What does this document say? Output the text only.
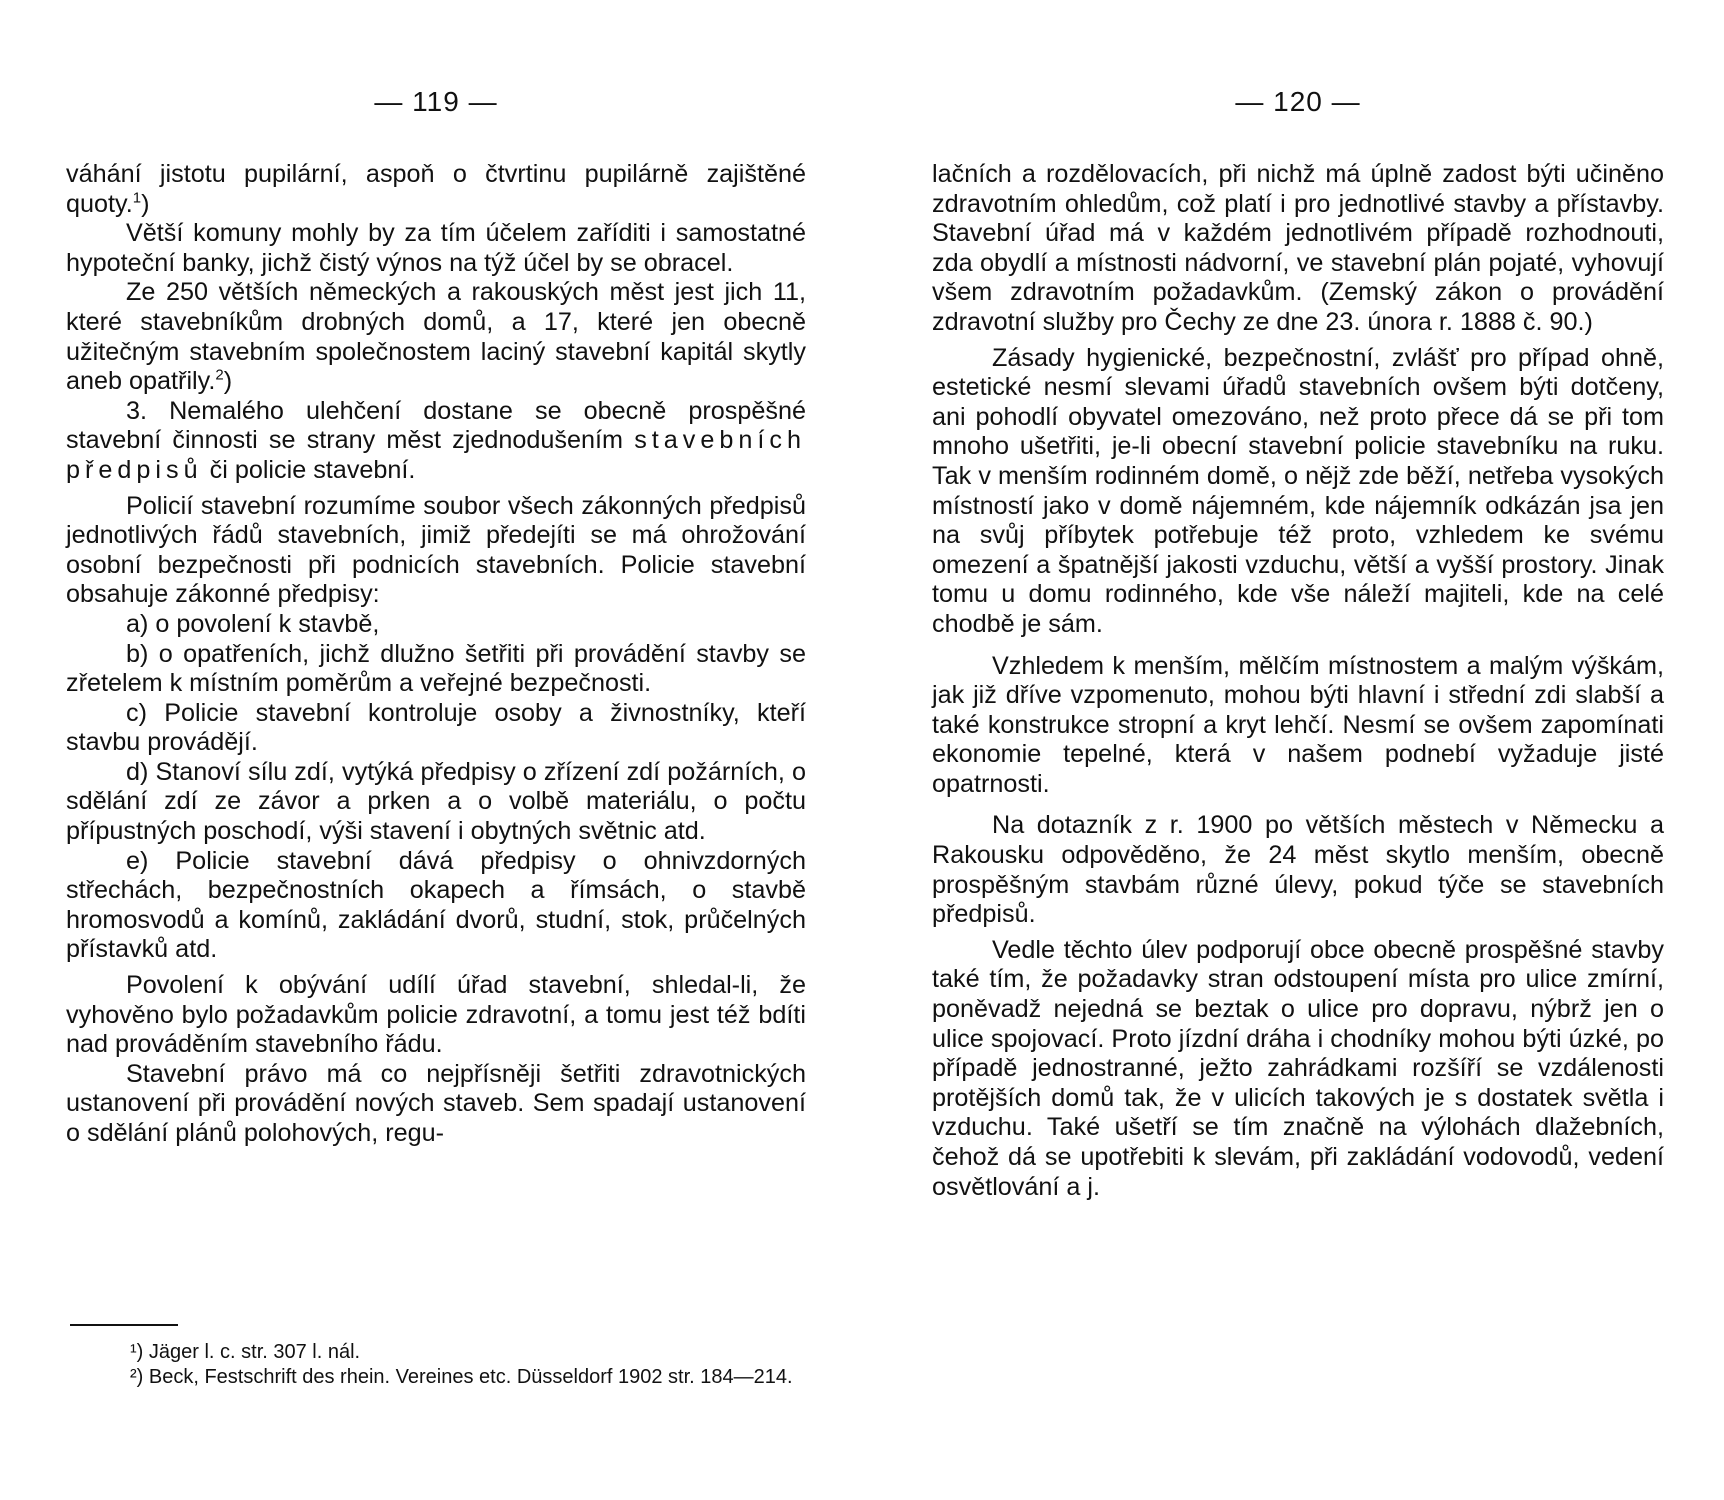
— 119 —

váhání jistotu pupilární, aspoň o čtvrtinu pupilárně zajištěné quoty.$^1$)

Větší komuny mohly by za tím účelem zaříditi i samostatné hypoteční banky, jichž čistý výnos na týž účel by se obracel.

Ze 250 větších německých a rakouských měst jest jich 11, které stavebníkům drobných domů, a 17, které jen obecně užitečným stavebním společnostem laciný stavební kapitál skytly aneb opatřily.$^2$)

3. Nemalého ulehčení dostane se obecně prospěšné stavební činnosti se strany měst zjednodušením stavebních předpisů či policie stavební.

Policií stavební rozumíme soubor všech zákonných předpisů jednotlivých řádů stavebních, jimiž předejíti se má ohrožování osobní bezpečnosti při podnicích stavebních. Policie stavební obsahuje zákonné předpisy:

a) o povolení k stavbě,

b) o opatřeních, jichž dlužno šetřiti při provádění stavby se zřetelem k místním poměrům a veřejné bezpečnosti.

c) Policie stavební kontroluje osoby a živnostníky, kteří stavbu provádějí.

d) Stanoví sílu zdí, vytýká předpisy o zřízení zdí požárních, o sdělání zdí ze závor a prken a o volbě materiálu, o počtu přípustných poschodí, výši stavení i obytných světnic atd.

e) Policie stavební dává předpisy o ohnivzdorných střechách, bezpečnostních okapech a římsách, o stavbě hromosvodů a komínů, zakládání dvorů, studní, stok, průčelných přístavků atd.

Povolení k obývání udílí úřad stavební, shledal-li, že vyhověno bylo požadavkům policie zdravotní, a tomu jest též bdíti nad prováděním stavebního řádu.

Stavební právo má co nejpřísněji šetřiti zdravotnických ustanovení při provádění nových staveb. Sem spadají ustanovení o sdělání plánů polohových, regu-

¹) Jäger l. c. str. 307 l. nál.

²) Beck, Festschrift des rhein. Vereines etc. Düsseldorf 1902 str. 184—214.

— 120 —

lačních a rozdělovacích, při nichž má úplně zadost býti učiněno zdravotním ohledům, což platí i pro jednotlivé stavby a přístavby. Stavební úřad má v každém jednotlivém případě rozhodnouti, zda obydlí a místnosti nádvorní, ve stavební plán pojaté, vyhovují všem zdravotním požadavkům. (Zemský zákon o provádění zdravotní služby pro Čechy ze dne 23. února r. 1888 č. 90.)

Zásady hygienické, bezpečnostní, zvlášť pro případ ohně, estetické nesmí slevami úřadů stavebních ovšem býti dotčeny, ani pohodlí obyvatel omezováno, než proto přece dá se při tom mnoho ušetřiti, je-li obecní stavební policie stavebníku na ruku. Tak v menším rodinném domě, o nějž zde běží, netřeba vysokých místností jako v domě nájemném, kde nájemník odkázán jsa jen na svůj příbytek potřebuje též proto, vzhledem ke svému omezení a špatnější jakosti vzduchu, větší a vyšší prostory. Jinak tomu u domu rodinného, kde vše náleží majiteli, kde na celé chodbě je sám.

Vzhledem k menším, mělčím místnostem a malým výškám, jak již dříve vzpomenuto, mohou býti hlavní i střední zdi slabší a také konstrukce stropní a kryt lehčí. Nesmí se ovšem zapomínati ekonomie tepelné, která v našem podnebí vyžaduje jisté opatrnosti.

Na dotazník z r. 1900 po větších městech v Německu a Rakousku odpověděno, že 24 měst skytlo menším, obecně prospěšným stavbám různé úlevy, pokud týče se stavebních předpisů.

Vedle těchto úlev podporují obce obecně prospěšné stavby také tím, že požadavky stran odstoupení místa pro ulice zmírní, poněvadž nejedná se beztak o ulice pro dopravu, nýbrž jen o ulice spojovací. Proto jízdní dráha i chodníky mohou býti úzké, po případě jednostranné, ježto zahrádkami rozšíří se vzdálenosti protějších domů tak, že v ulicích takových je s dostatek světla i vzduchu. Také ušetří se tím značně na výlohách dlažebních, čehož dá se upotřebiti k slevám, při zakládání vodovodů, vedení osvětlování a j.
